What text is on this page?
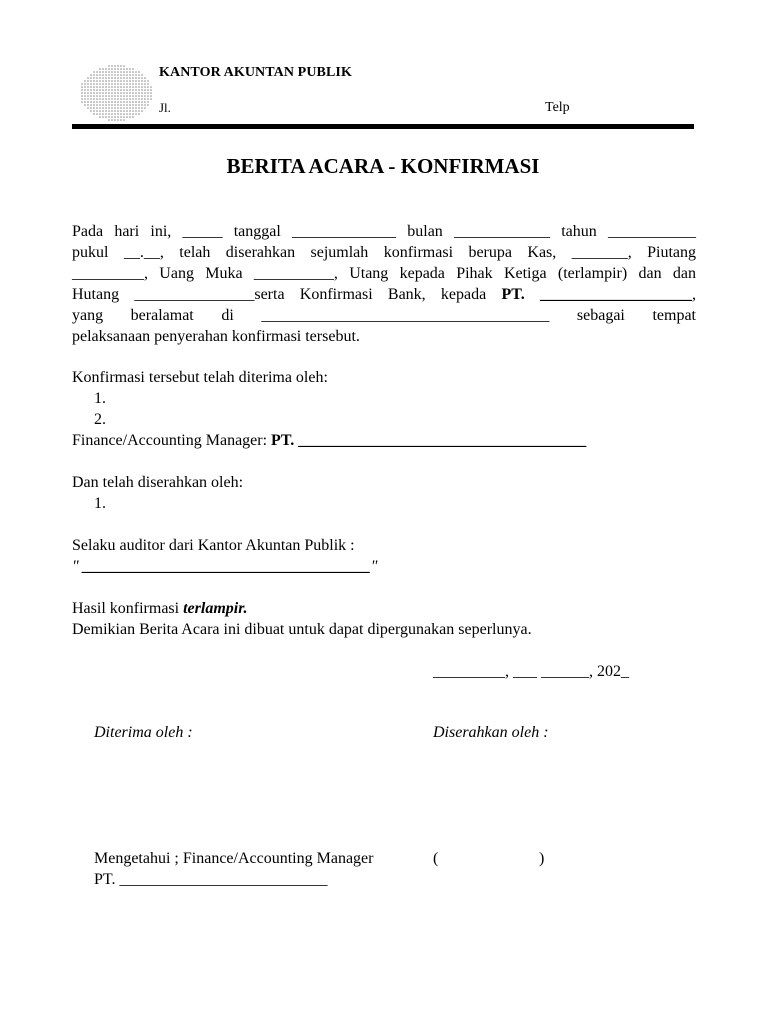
KANTOR AKUNTAN PUBLIK
Jl.	Telp
BERITA ACARA - KONFIRMASI
Pada hari ini, _____ tanggal _____________ bulan ____________ tahun ___________
pukul __.__, telah diserahkan sejumlah konfirmasi berupa Kas, _______, Piutang
_________, Uang Muka __________, Utang kepada Pihak Ketiga (terlampir) dan dan
Hutang _______________serta Konfirmasi Bank, kepada PT. ___________________,
yang beralamat di ____________________________________ sebagai tempat
pelaksanaan penyerahan konfirmasi tersebut.
Konfirmasi tersebut telah diterima oleh:
1.
2.
Finance/Accounting Manager: PT. ____________________________________
Dan telah diserahkan oleh:
1.
Selaku auditor dari Kantor Akuntan Publik :
" ____________________________________"
Hasil konfirmasi terlampir.
Demikian Berita Acara ini dibuat untuk dapat dipergunakan seperlunya.
_________, ___ ______, 202_
Diterima oleh :	Diserahkan oleh :
Mengetahui ; Finance/Accounting Manager	(	)
PT. __________________________
